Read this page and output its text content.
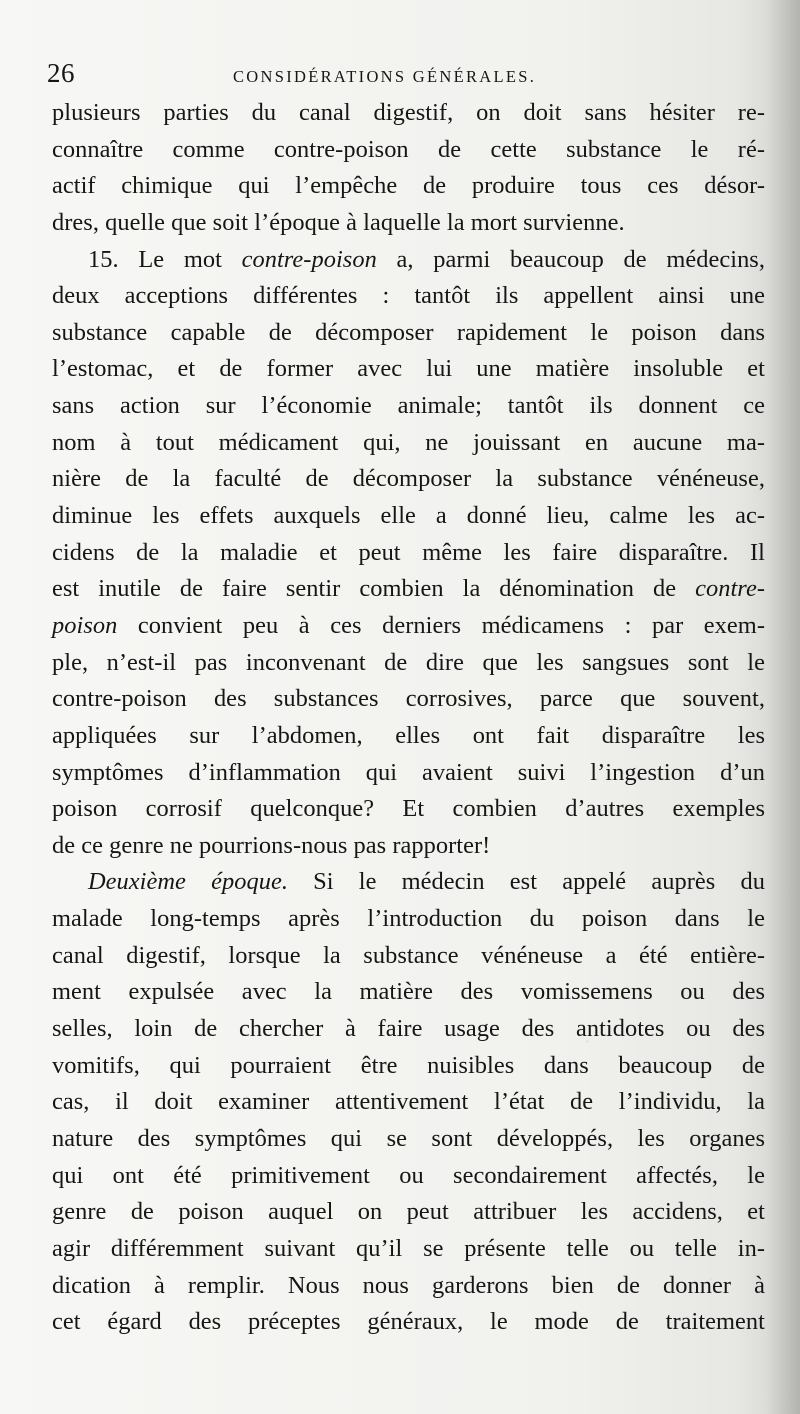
26	CONSIDÉRATIONS GÉNÉRALES.
plusieurs parties du canal digestif, on doit sans hésiter re-
connaître comme contre-poison de cette substance le ré-
actif chimique qui l’empêche de produire tous ces désor-
dres, quelle que soit l’époque à laquelle la mort survienne.
15. Le mot contre-poison a, parmi beaucoup de médecins,
deux acceptions différentes : tantôt ils appellent ainsi une
substance capable de décomposer rapidement le poison dans
l’estomac, et de former avec lui une matière insoluble et
sans action sur l’économie animale; tantôt ils donnent ce
nom à tout médicament qui, ne jouissant en aucune ma-
nière de la faculté de décomposer la substance vénéneuse,
diminue les effets auxquels elle a donné lieu, calme les ac-
cidens de la maladie et peut même les faire disparaître. Il
est inutile de faire sentir combien la dénomination de contre-
poison convient peu à ces derniers médicamens : par exem-
ple, n’est-il pas inconvenant de dire que les sangsues sont le
contre-poison des substances corrosives, parce que souvent,
appliquées sur l’abdomen, elles ont fait disparaître les
symptômes d’inflammation qui avaient suivi l’ingestion d’un
poison corrosif quelconque? Et combien d’autres exemples
de ce genre ne pourrions-nous pas rapporter!
Deuxième époque. Si le médecin est appelé auprès du
malade long-temps après l’introduction du poison dans le
canal digestif, lorsque la substance vénéneuse a été entière-
ment expulsée avec la matière des vomissemens ou des
selles, loin de chercher à faire usage des antidotes ou des
vomitifs, qui pourraient être nuisibles dans beaucoup de
cas, il doit examiner attentivement l’état de l’individu, la
nature des symptômes qui se sont développés, les organes
qui ont été primitivement ou secondairement affectés, le
genre de poison auquel on peut attribuer les accidens, et
agir différemment suivant qu’il se présente telle ou telle in-
dication à remplir. Nous nous garderons bien de donner à
cet égard des préceptes généraux, le mode de traitement
